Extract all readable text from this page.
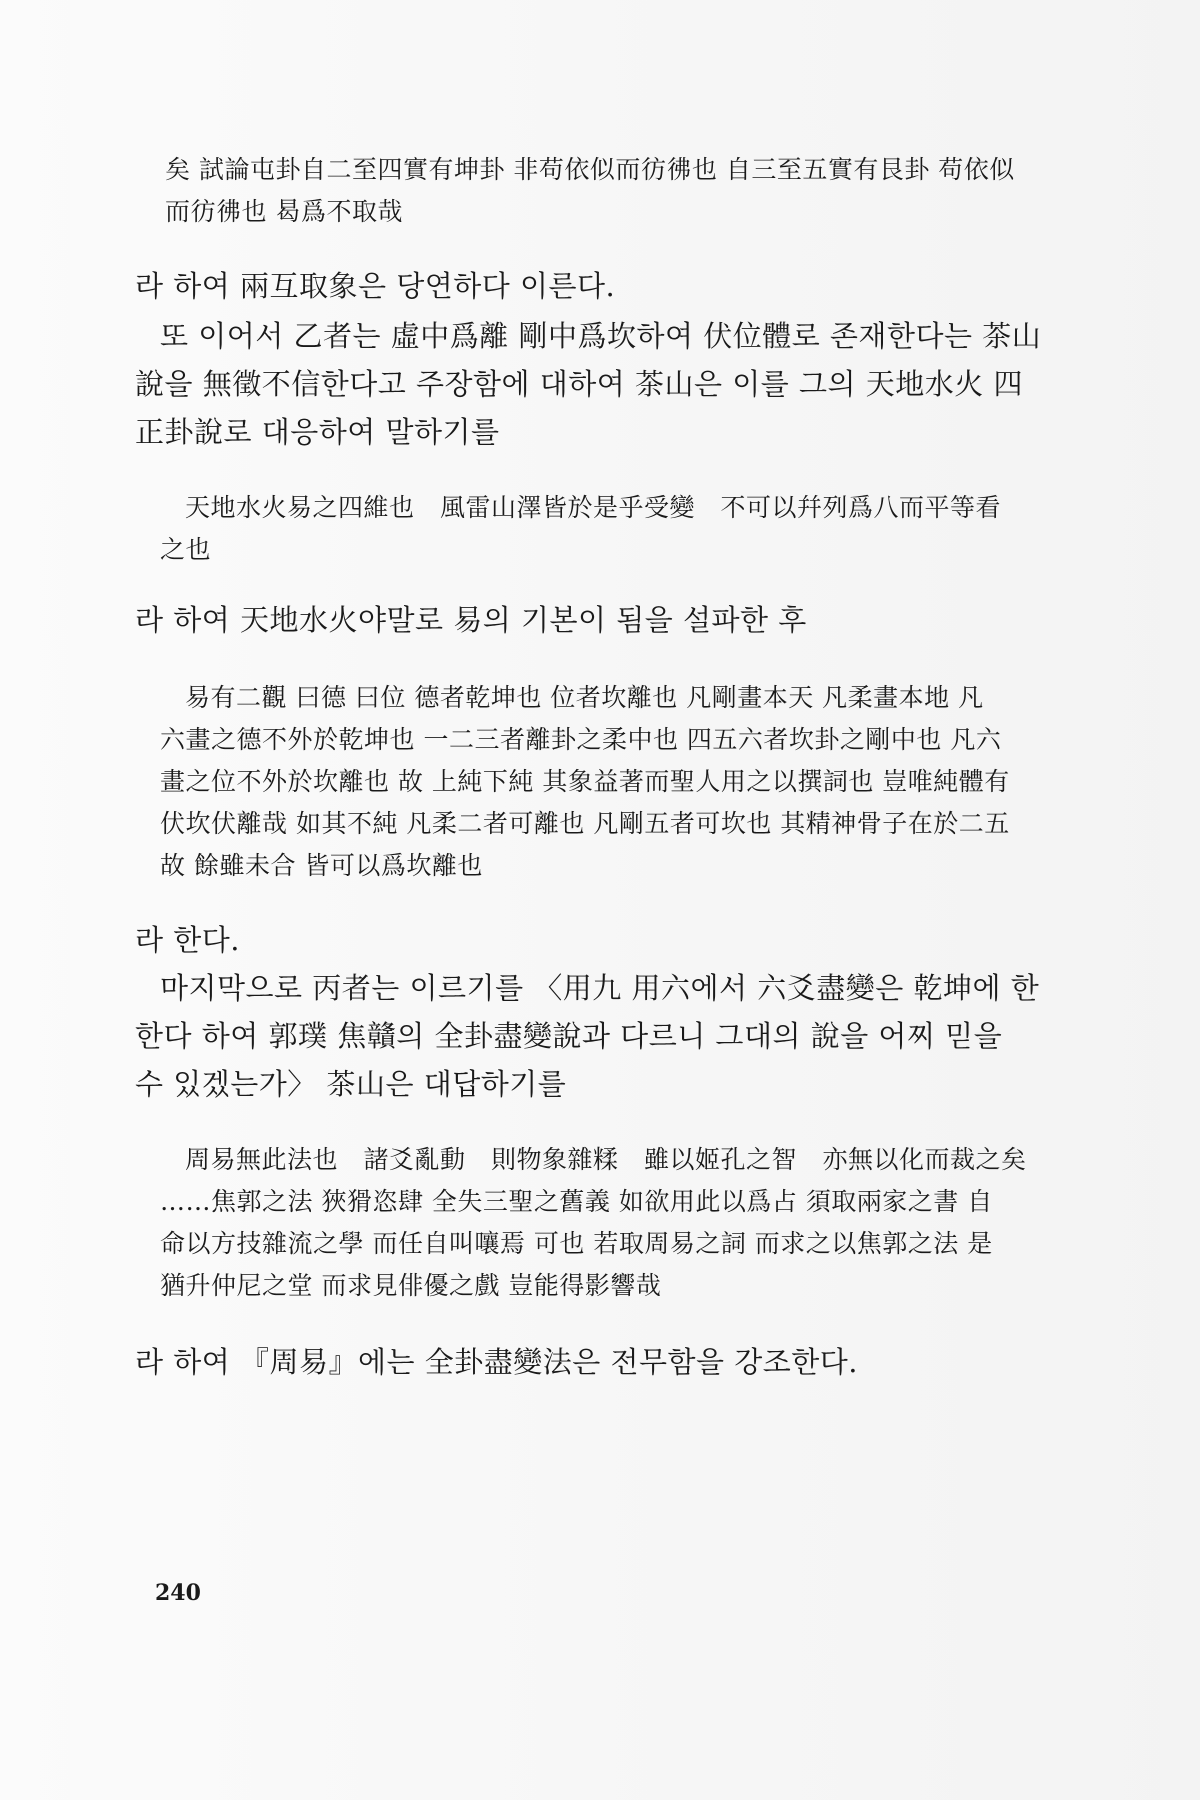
矣 試論屯卦自二至四實有坤卦 非苟依似而彷彿也 自三至五實有艮卦 苟依似
而彷彿也 曷爲不取哉
라 하여 兩互取象은 당연하다 이른다.
또 이어서 乙者는 虛中爲離 剛中爲坎하여 伏位體로 존재한다는 茶山
說을 無徵不信한다고 주장함에 대하여 茶山은 이를 그의 天地水火 四
正卦說로 대응하여 말하기를
天地水火易之四維也　風雷山澤皆於是乎受變　不可以幷列爲八而平等看
之也
라 하여 天地水火야말로 易의 기본이 됨을 설파한 후
易有二觀 曰德 曰位 德者乾坤也 位者坎離也 凡剛畫本天 凡柔畫本地 凡
六畫之德不外於乾坤也 一二三者離卦之柔中也 四五六者坎卦之剛中也 凡六
畫之位不外於坎離也 故 上純下純 其象益著而聖人用之以撰詞也 豈唯純體有
伏坎伏離哉 如其不純 凡柔二者可離也 凡剛五者可坎也 其精神骨子在於二五
故 餘雖未合 皆可以爲坎離也
라 한다.
마지막으로 丙者는 이르기를 〈用九 用六에서 六爻盡變은 乾坤에 한
한다 하여 郭璞 焦贛의 全卦盡變說과 다르니 그대의 說을 어찌 믿을
수 있겠는가〉 茶山은 대답하기를
周易無此法也　諸爻亂動　則物象雜糅　雖以姬孔之智　亦無以化而裁之矣
……焦郭之法 狹猾恣肆 全失三聖之舊義 如欲用此以爲占 須取兩家之書 自
命以方技雜流之學 而任自叫嚷焉 可也 若取周易之詞 而求之以焦郭之法 是
猶升仲尼之堂 而求見俳優之戲 豈能得影響哉
라 하여 『周易』에는 全卦盡變法은 전무함을 강조한다.
240
